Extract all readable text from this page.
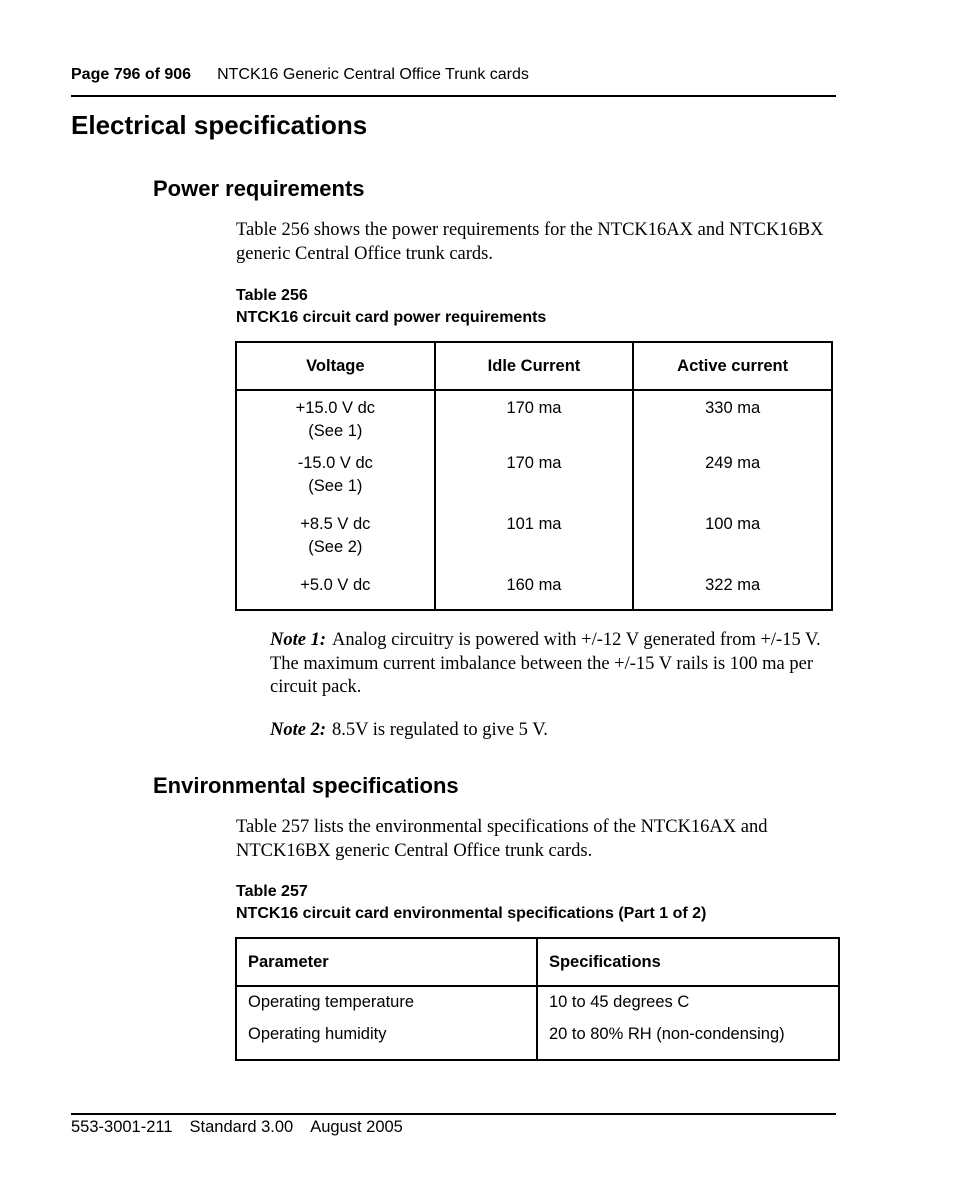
Page 796 of 906 NTCK16 Generic Central Office Trunk cards
Electrical specifications
Power requirements
Table 256 shows the power requirements for the NTCK16AX and NTCK16BX generic Central Office trunk cards.
Table 256
NTCK16 circuit card power requirements
Voltage	Idle Current	Active current

+15.0 V dc
(See 1)	170 ma	330 ma

-15.0 V dc
(See 1)	170 ma	249 ma

+8.5 V dc
(See 2)	101 ma	100 ma

+5.0 V dc	160 ma	322 ma
Note 1: Analog circuitry is powered with +/-12 V generated from +/-15 V. The maximum current imbalance between the +/-15 V rails is 100 ma per circuit pack.
Note 2: 8.5V is regulated to give 5 V.
Environmental specifications
Table 257 lists the environmental specifications of the NTCK16AX and NTCK16BX generic Central Office trunk cards.
Table 257
NTCK16 circuit card environmental specifications (Part 1 of 2)
Parameter	Specifications
Operating temperature	10 to 45 degrees C
Operating humidity	20 to 80% RH (non-condensing)
553-3001-211 Standard 3.00 August 2005
